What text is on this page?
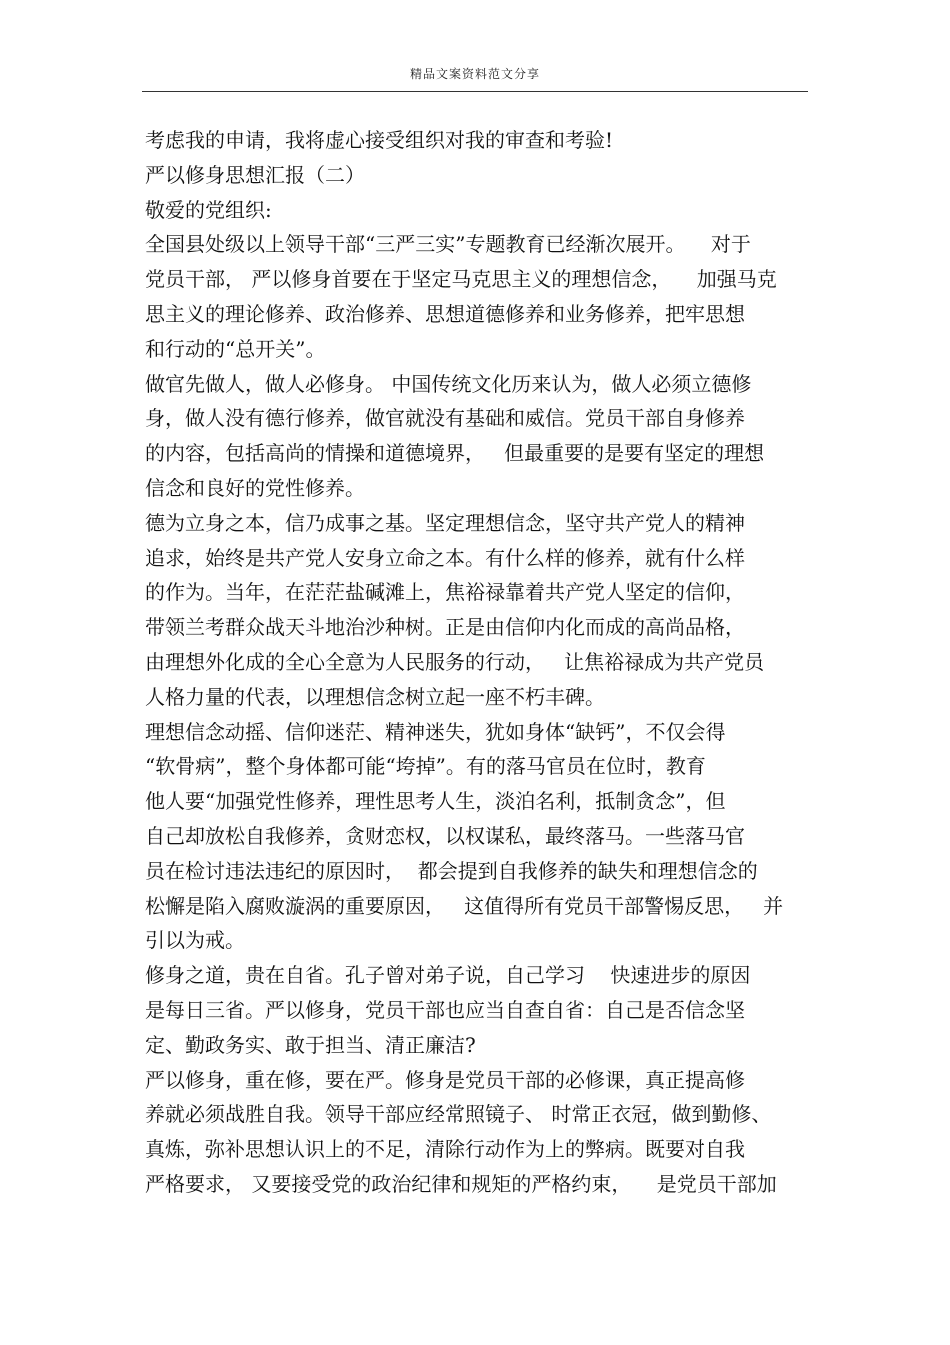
精品文案资料范文分享
考虑我的申请，我将虚心接受组织对我的审查和考验!
严以修身思想汇报（二）
敬爱的党组织:
全国县处级以上领导干部“三严三实”专题教育已经渐次展开。    对于
党员干部， 严以修身首要在于坚定马克思主义的理想信念，    加强马克
思主义的理论修养、政治修养、思想道德修养和业务修养，把牢思想
和行动的“总开关”。
做官先做人，做人必修身。 中国传统文化历来认为，做人必须立德修
身，做人没有德行修养，做官就没有基础和威信。党员干部自身修养
的内容，包括高尚的情操和道德境界，   但最重要的是要有坚定的理想
信念和良好的党性修养。
德为立身之本，信乃成事之基。坚定理想信念，坚守共产党人的精神
追求，始终是共产党人安身立命之本。有什么样的修养，就有什么样
的作为。当年，在茫茫盐碱滩上，焦裕禄靠着共产党人坚定的信仰，
带领兰考群众战天斗地治沙种树。正是由信仰内化而成的高尚品格，
由理想外化成的全心全意为人民服务的行动，   让焦裕禄成为共产党员
人格力量的代表，以理想信念树立起一座不朽丰碑。
理想信念动摇、信仰迷茫、精神迷失，犹如身体“缺钙”，不仅会得
“软骨病”，整个身体都可能“垮掉”。有的落马官员在位时，教育
他人要“加强党性修养，理性思考人生，淡泊名利，抵制贪念”，但
自己却放松自我修养，贪财恋权，以权谋私，最终落马。一些落马官
员在检讨违法违纪的原因时，  都会提到自我修养的缺失和理想信念的
松懈是陷入腐败漩涡的重要原因，   这值得所有党员干部警惕反思，   并
引以为戒。
修身之道，贵在自省。孔子曾对弟子说，自己学习    快速进步的原因
是每日三省。严以修身，党员干部也应当自查自省：自己是否信念坚
定、勤政务实、敢于担当、清正廉洁?
严以修身，重在修，要在严。修身是党员干部的必修课，真正提高修
养就必须战胜自我。领导干部应经常照镜子、 时常正衣冠，做到勤修、
真炼，弥补思想认识上的不足，清除行动作为上的弊病。既要对自我
严格要求， 又要接受党的政治纪律和规矩的严格约束，    是党员干部加
